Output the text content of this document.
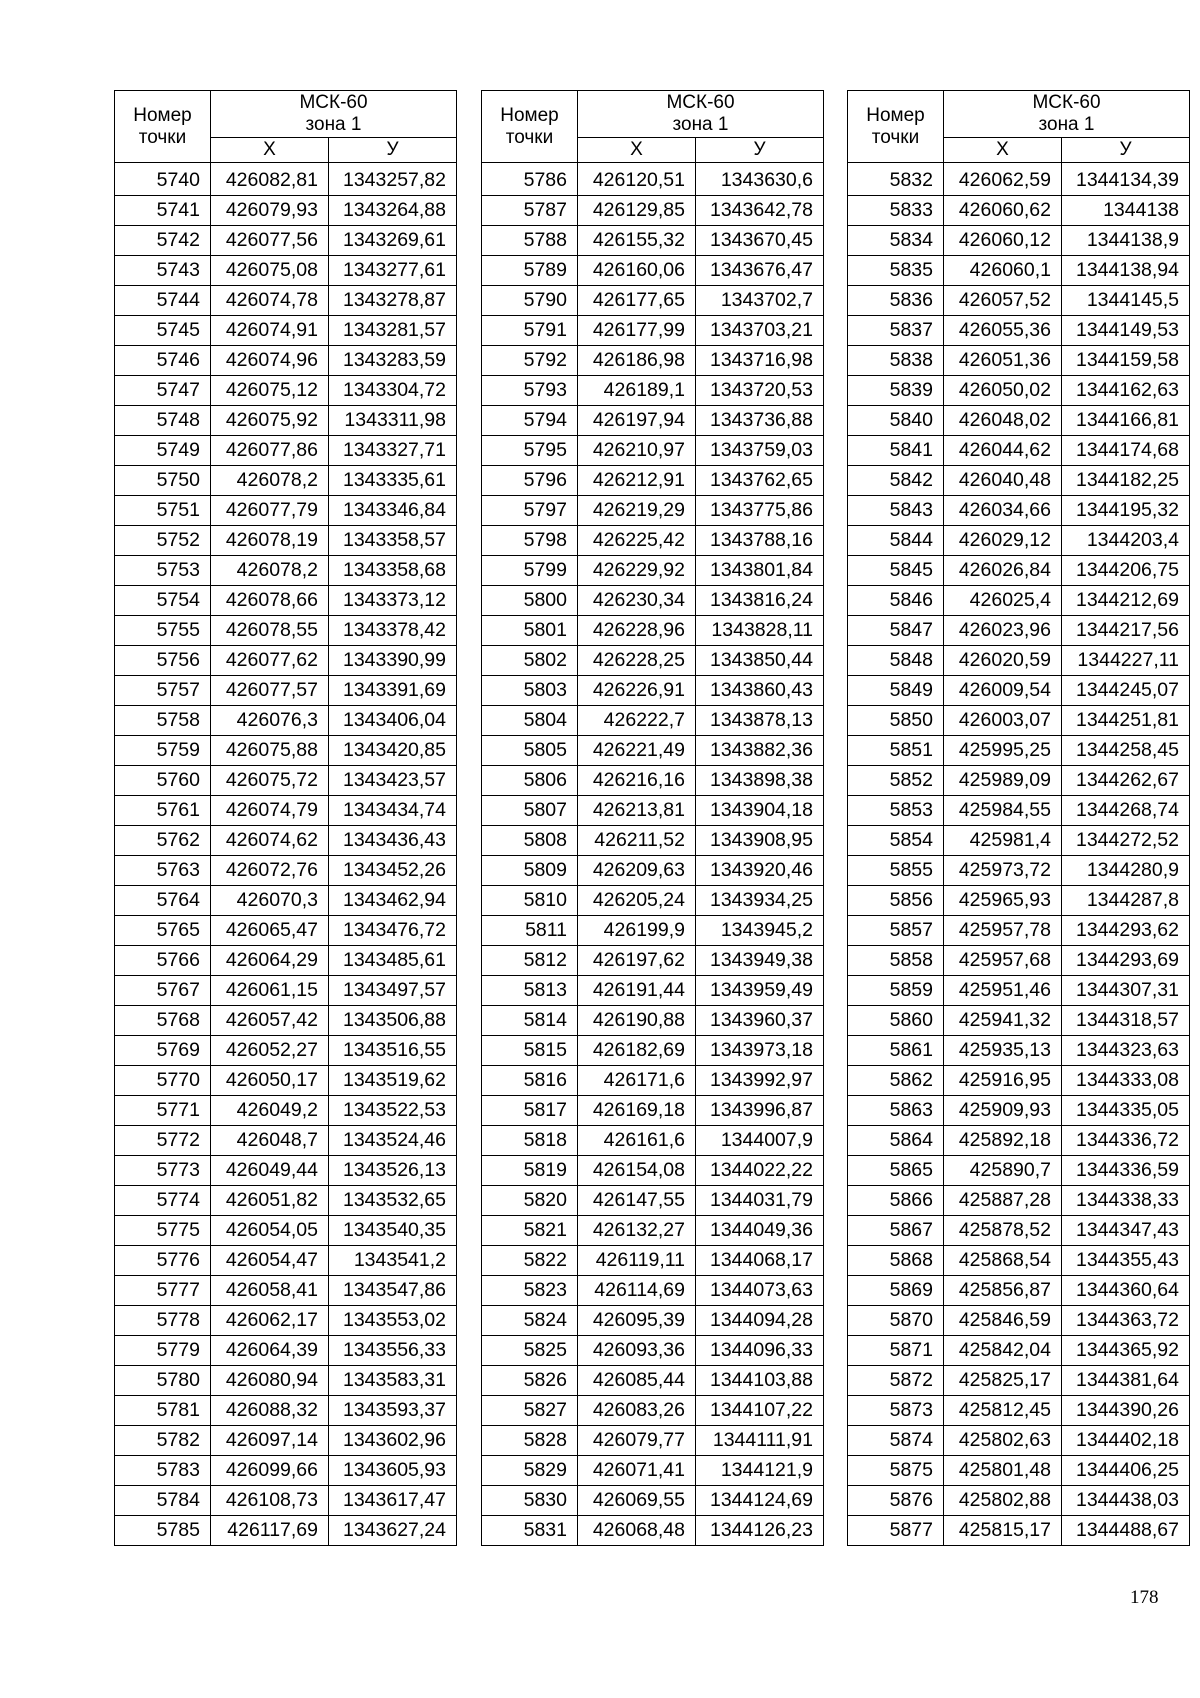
Номер точки	МСК-60
зона 1	
	Х	У
5740	426082,81	1343257,82
5741	426079,93	1343264,88
5742	426077,56	1343269,61
5743	426075,08	1343277,61
5744	426074,78	1343278,87
5745	426074,91	1343281,57
5746	426074,96	1343283,59
5747	426075,12	1343304,72
5748	426075,92	1343311,98
5749	426077,86	1343327,71
5750	426078,2	1343335,61
5751	426077,79	1343346,84
5752	426078,19	1343358,57
5753	426078,2	1343358,68
5754	426078,66	1343373,12
5755	426078,55	1343378,42
5756	426077,62	1343390,99
5757	426077,57	1343391,69
5758	426076,3	1343406,04
5759	426075,88	1343420,85
5760	426075,72	1343423,57
5761	426074,79	1343434,74
5762	426074,62	1343436,43
5763	426072,76	1343452,26
5764	426070,3	1343462,94
5765	426065,47	1343476,72
5766	426064,29	1343485,61
5767	426061,15	1343497,57
5768	426057,42	1343506,88
5769	426052,27	1343516,55
5770	426050,17	1343519,62
5771	426049,2	1343522,53
5772	426048,7	1343524,46
5773	426049,44	1343526,13
5774	426051,82	1343532,65
5775	426054,05	1343540,35
5776	426054,47	1343541,2
5777	426058,41	1343547,86
5778	426062,17	1343553,02
5779	426064,39	1343556,33
5780	426080,94	1343583,31
5781	426088,32	1343593,37
5782	426097,14	1343602,96
5783	426099,66	1343605,93
5784	426108,73	1343617,47
5785	426117,69	1343627,24
Номер точки	МСК-60
зона 1	
	Х	У
5786	426120,51	1343630,6
5787	426129,85	1343642,78
5788	426155,32	1343670,45
5789	426160,06	1343676,47
5790	426177,65	1343702,7
5791	426177,99	1343703,21
5792	426186,98	1343716,98
5793	426189,1	1343720,53
5794	426197,94	1343736,88
5795	426210,97	1343759,03
5796	426212,91	1343762,65
5797	426219,29	1343775,86
5798	426225,42	1343788,16
5799	426229,92	1343801,84
5800	426230,34	1343816,24
5801	426228,96	1343828,11
5802	426228,25	1343850,44
5803	426226,91	1343860,43
5804	426222,7	1343878,13
5805	426221,49	1343882,36
5806	426216,16	1343898,38
5807	426213,81	1343904,18
5808	426211,52	1343908,95
5809	426209,63	1343920,46
5810	426205,24	1343934,25
5811	426199,9	1343945,2
5812	426197,62	1343949,38
5813	426191,44	1343959,49
5814	426190,88	1343960,37
5815	426182,69	1343973,18
5816	426171,6	1343992,97
5817	426169,18	1343996,87
5818	426161,6	1344007,9
5819	426154,08	1344022,22
5820	426147,55	1344031,79
5821	426132,27	1344049,36
5822	426119,11	1344068,17
5823	426114,69	1344073,63
5824	426095,39	1344094,28
5825	426093,36	1344096,33
5826	426085,44	1344103,88
5827	426083,26	1344107,22
5828	426079,77	1344111,91
5829	426071,41	1344121,9
5830	426069,55	1344124,69
5831	426068,48	1344126,23
Номер точки	МСК-60
зона 1	
	Х	У
5832	426062,59	1344134,39
5833	426060,62	1344138
5834	426060,12	1344138,9
5835	426060,1	1344138,94
5836	426057,52	1344145,5
5837	426055,36	1344149,53
5838	426051,36	1344159,58
5839	426050,02	1344162,63
5840	426048,02	1344166,81
5841	426044,62	1344174,68
5842	426040,48	1344182,25
5843	426034,66	1344195,32
5844	426029,12	1344203,4
5845	426026,84	1344206,75
5846	426025,4	1344212,69
5847	426023,96	1344217,56
5848	426020,59	1344227,11
5849	426009,54	1344245,07
5850	426003,07	1344251,81
5851	425995,25	1344258,45
5852	425989,09	1344262,67
5853	425984,55	1344268,74
5854	425981,4	1344272,52
5855	425973,72	1344280,9
5856	425965,93	1344287,8
5857	425957,78	1344293,62
5858	425957,68	1344293,69
5859	425951,46	1344307,31
5860	425941,32	1344318,57
5861	425935,13	1344323,63
5862	425916,95	1344333,08
5863	425909,93	1344335,05
5864	425892,18	1344336,72
5865	425890,7	1344336,59
5866	425887,28	1344338,33
5867	425878,52	1344347,43
5868	425868,54	1344355,43
5869	425856,87	1344360,64
5870	425846,59	1344363,72
5871	425842,04	1344365,92
5872	425825,17	1344381,64
5873	425812,45	1344390,26
5874	425802,63	1344402,18
5875	425801,48	1344406,25
5876	425802,88	1344438,03
5877	425815,17	1344488,67
178
